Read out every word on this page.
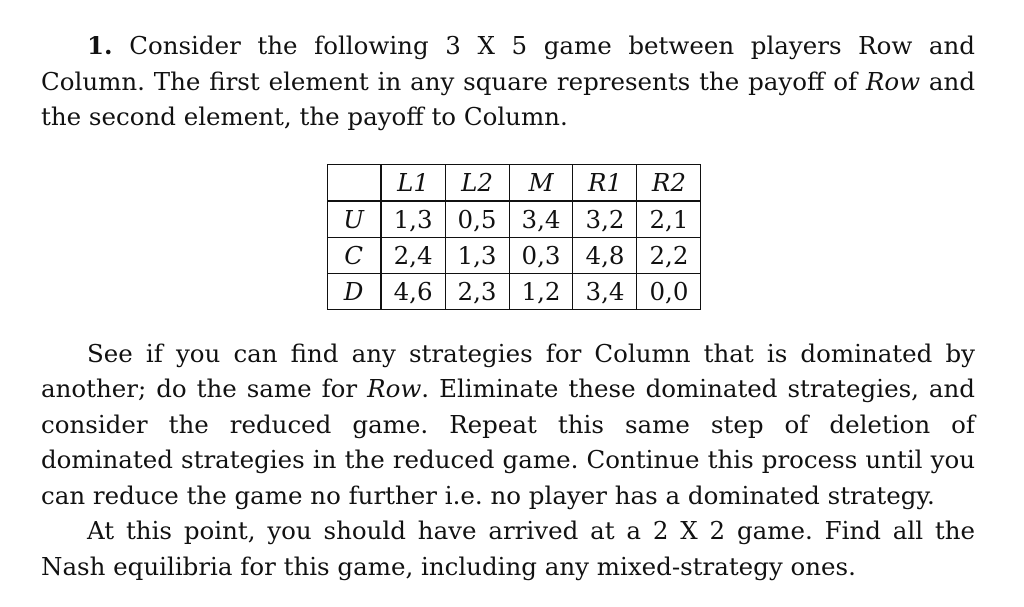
1. Consider the following 3 X 5 game between players Row and Column. The first element in any square represents the payoff of Row and the second element, the payoff to Column.

	L1	L2	M	R1	R2
U	1,3	0,5	3,4	3,2	2,1
C	2,4	1,3	0,3	4,8	2,2
D	4,6	2,3	1,2	3,4	0,0

See if you can find any strategies for Column that is dominated by another; do the same for Row. Eliminate these dominated strategies, and consider the reduced game. Repeat this same step of deletion of dominated strategies in the reduced game. Continue this process until you can reduce the game no further i.e. no player has a dominated strategy.

At this point, you should have arrived at a 2 X 2 game. Find all the Nash equilibria for this game, including any mixed-strategy ones.
